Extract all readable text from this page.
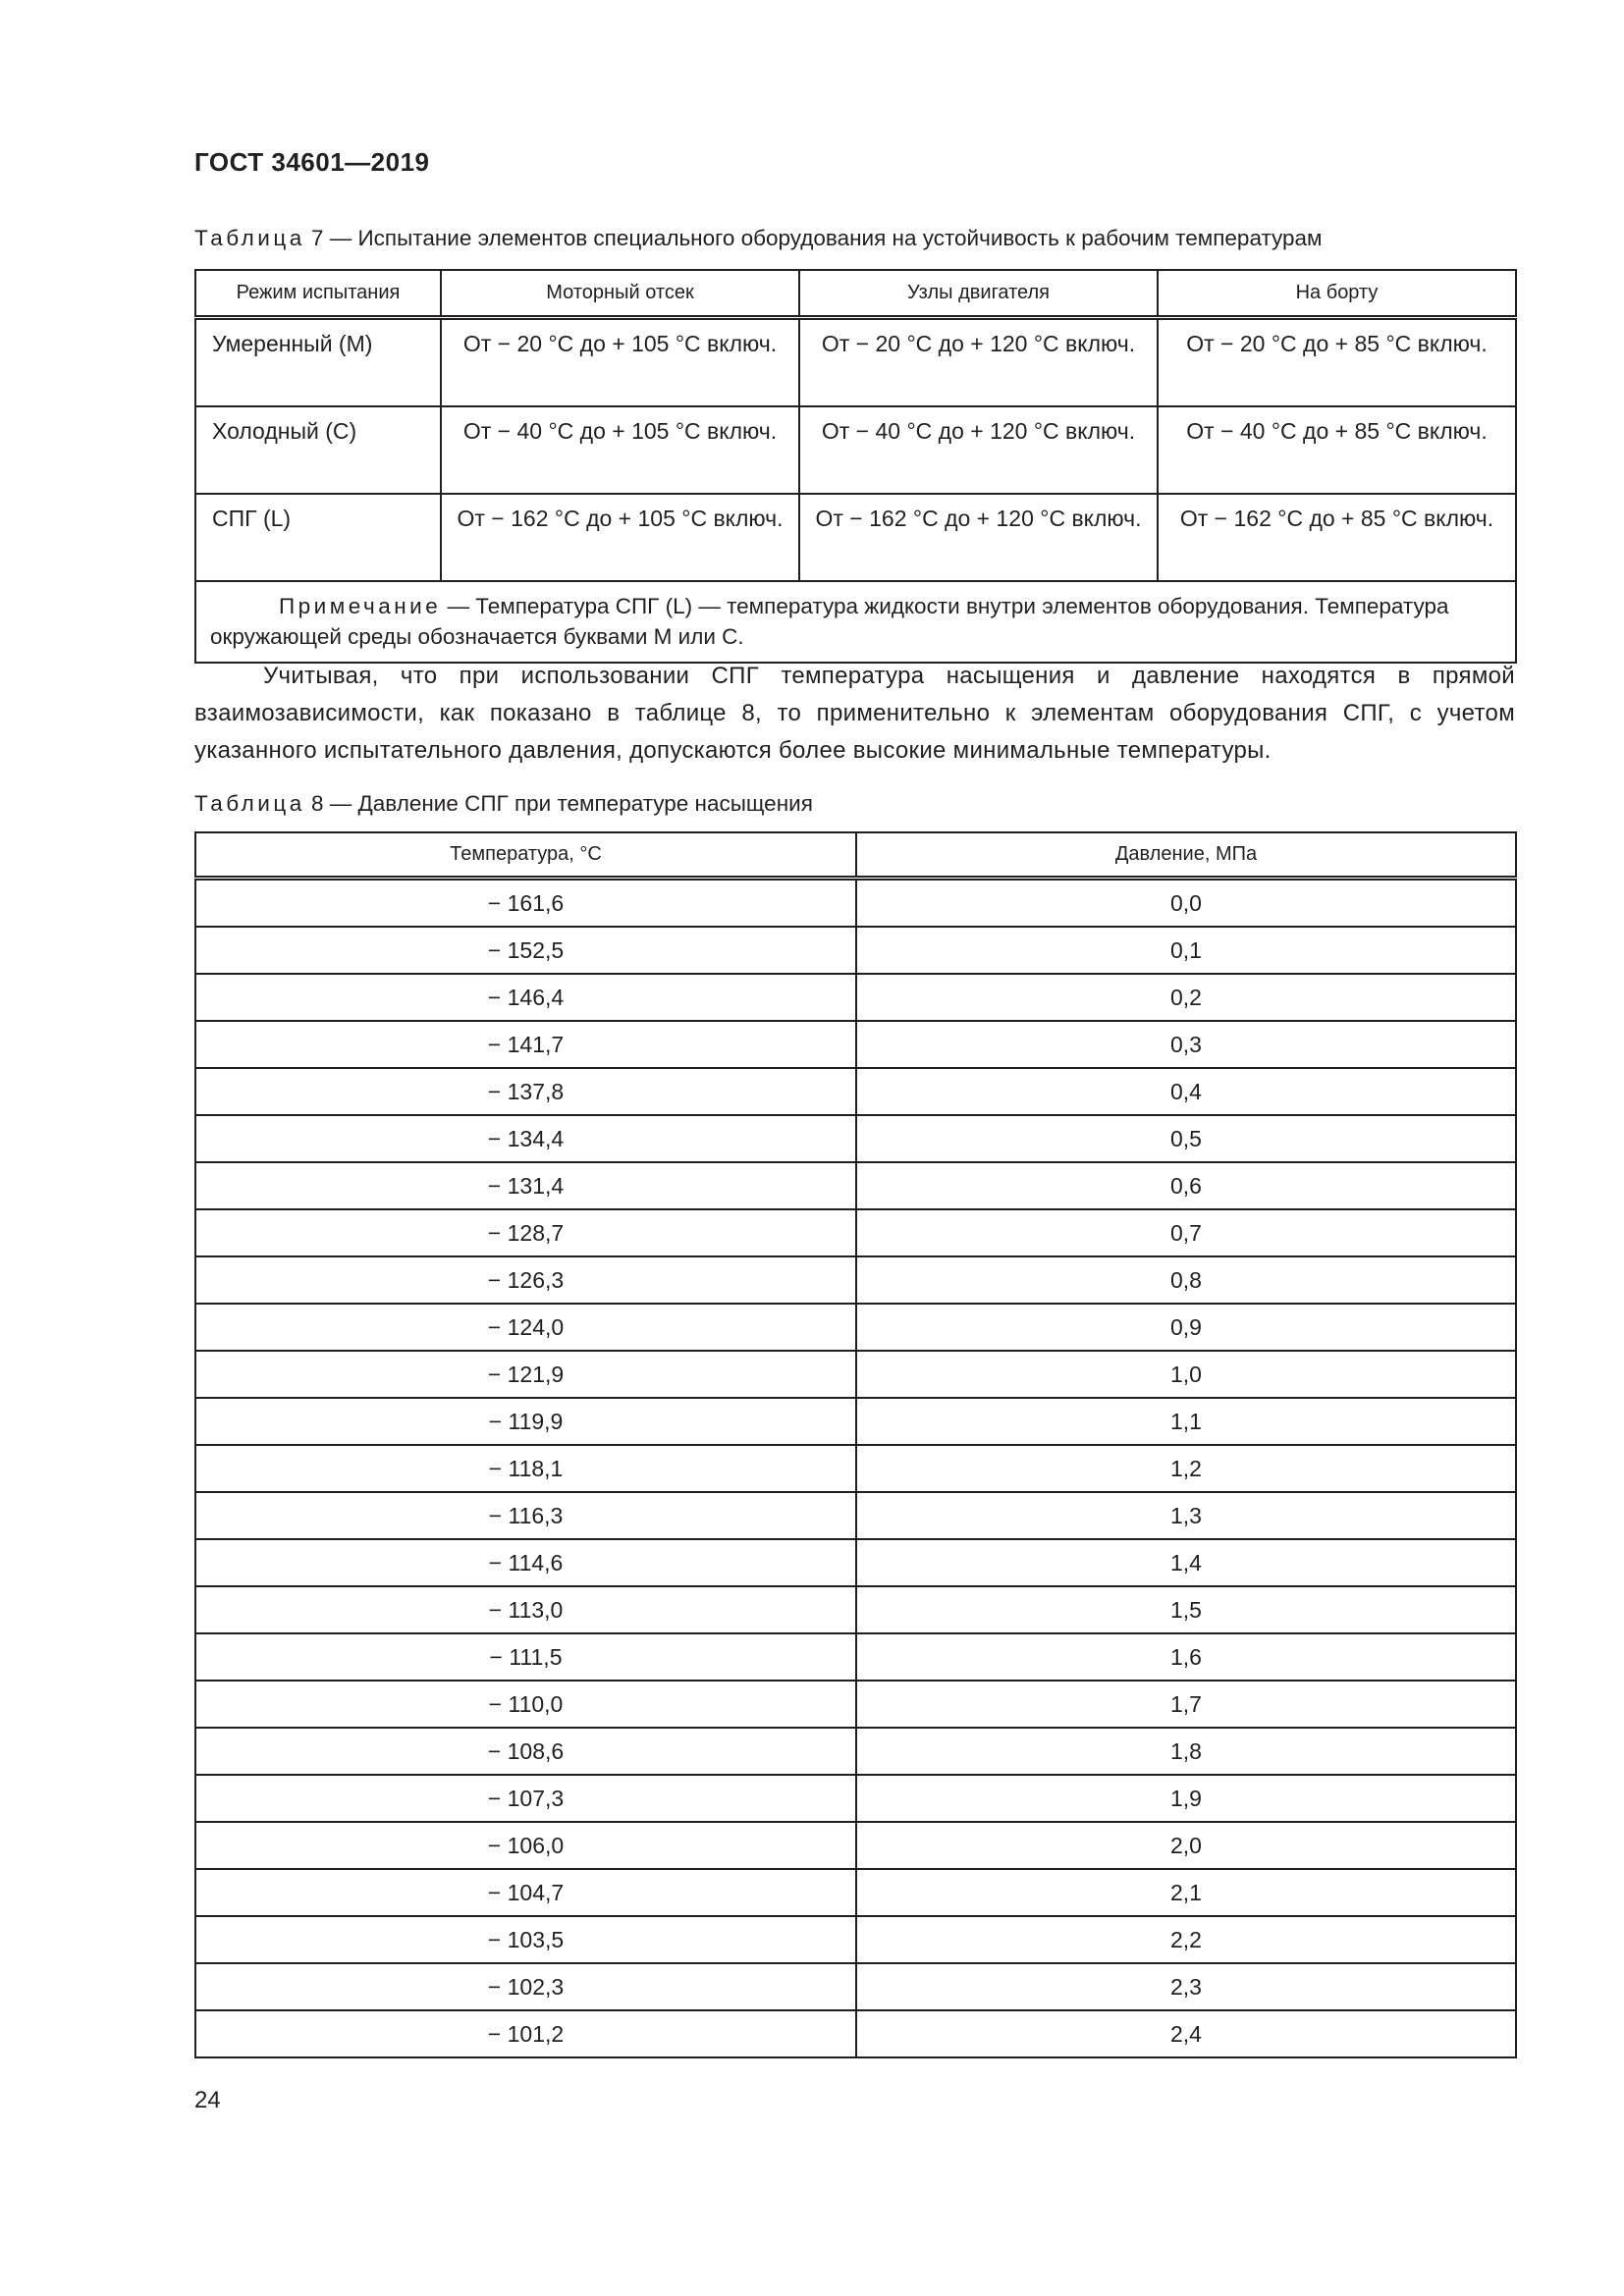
ГОСТ 34601—2019
Таблица 7 — Испытание элементов специального оборудования на устойчивость к рабочим температурам
Режим испытания	Моторный отсек	Узлы двигателя	На борту
Умеренный (М)	От − 20 °С до + 105 °С включ.	От − 20 °С до + 120 °С включ.	От − 20 °С до + 85 °С включ.
Холодный (С)	От − 40 °С до + 105 °С включ.	От − 40 °С до + 120 °С включ.	От − 40 °С до + 85 °С включ.
СПГ (L)	От − 162 °С до + 105 °С включ.	От − 162 °С до + 120 °С включ.	От − 162 °С до + 85 °С включ.
Примечание — Температура СПГ (L) — температура жидкости внутри элементов оборудования. Температура окружающей среды обозначается буквами М или С.			
Учитывая, что при использовании СПГ температура насыщения и давление находятся в прямой взаимозависимости, как показано в таблице 8, то применительно к элементам оборудования СПГ, с учетом указанного испытательного давления, допускаются более высокие минимальные температуры.
Таблица 8 — Давление СПГ при температуре насыщения
Температура, °С	Давление, МПа
− 161,6	0,0
− 152,5	0,1
− 146,4	0,2
− 141,7	0,3
− 137,8	0,4
− 134,4	0,5
− 131,4	0,6
− 128,7	0,7
− 126,3	0,8
− 124,0	0,9
− 121,9	1,0
− 119,9	1,1
− 118,1	1,2
− 116,3	1,3
− 114,6	1,4
− 113,0	1,5
− 111,5	1,6
− 110,0	1,7
− 108,6	1,8
− 107,3	1,9
− 106,0	2,0
− 104,7	2,1
− 103,5	2,2
− 102,3	2,3
− 101,2	2,4
24
